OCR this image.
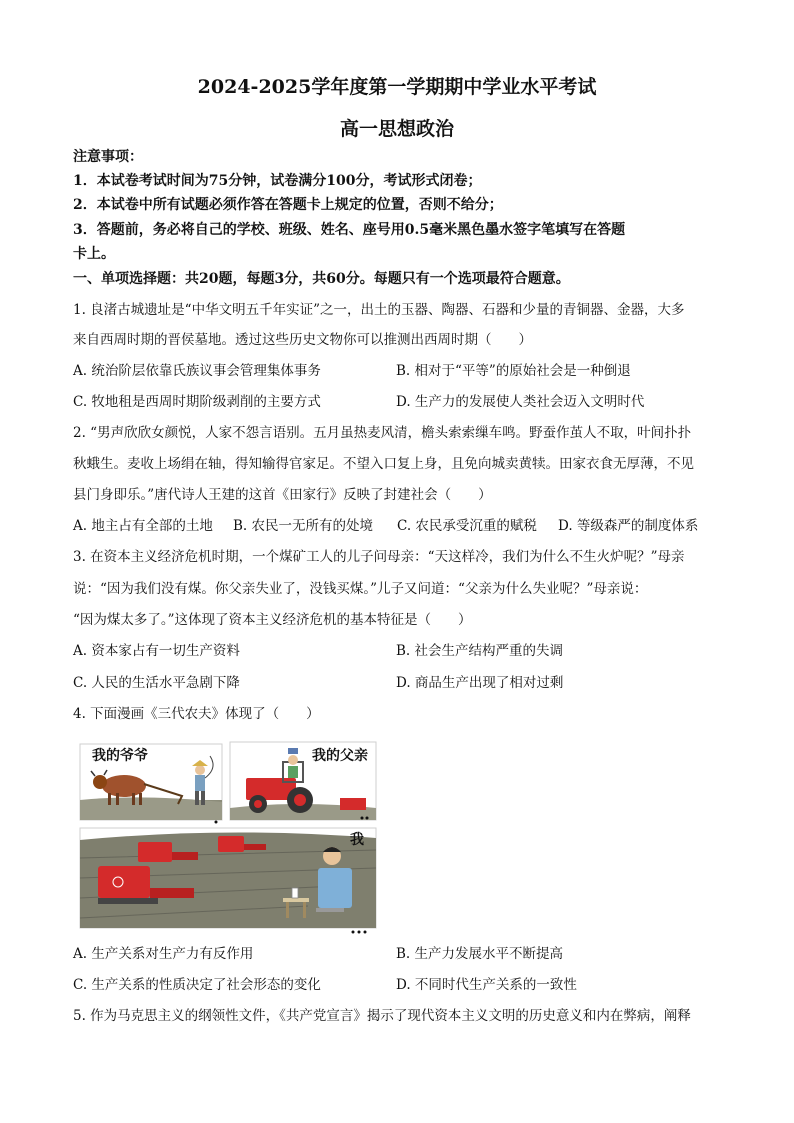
2024-2025学年度第一学期期中学业水平考试
高一思想政治
注意事项：
1．本试卷考试时间为75分钟，试卷满分100分，考试形式闭卷；
2．本试卷中所有试题必须作答在答题卡上规定的位置，否则不给分；
3．答题前，务必将自己的学校、班级、姓名、座号用0.5毫米黑色墨水签字笔填写在答题
卡上。
一、单项选择题：共20题，每题3分，共60分。每题只有一个选项最符合题意。
1. 良渚古城遗址是“中华文明五千年实证”之一，出土的玉器、陶器、石器和少量的青铜器、金器，大多
来自西周时期的晋侯墓地。透过这些历史文物你可以推测出西周时期（　　）
A. 统治阶层依靠氏族议事会管理集体事务	B. 相对于“平等”的原始社会是一种倒退
C. 牧地租是西周时期阶级剥削的主要方式	D. 生产力的发展使人类社会迈入文明时代
2. “男声欣欣女颜悦，人家不怨言语别。五月虽热麦风清，檐头索索缫车鸣。野蚕作茧人不取，叶间扑扑
秋蛾生。麦收上场绢在轴，得知输得官家足。不望入口复上身，且免向城卖黄犊。田家衣食无厚薄，不见
县门身即乐。”唐代诗人王建的这首《田家行》反映了封建社会（　　）
A. 地主占有全部的土地 B. 农民一无所有的处境 C. 农民承受沉重的赋税 D. 等级森严的制度体系
3. 在资本主义经济危机时期，一个煤矿工人的儿子问母亲：“天这样冷，我们为什么不生火炉呢？”母亲
说：“因为我们没有煤。你父亲失业了，没钱买煤。”儿子又问道：“父亲为什么失业呢？”母亲说：
“因为煤太多了。”这体现了资本主义经济危机的基本特征是（　　）
A. 资本家占有一切生产资料	B. 社会生产结构严重的失调
C. 人民的生活水平急剧下降	D. 商品生产出现了相对过剩
4. 下面漫画《三代农夫》体现了（　　）
我的爷爷	我的父亲
我
A. 生产关系对生产力有反作用	B. 生产力发展水平不断提高
C. 生产关系的性质决定了社会形态的变化	D. 不同时代生产关系的一致性
5. 作为马克思主义的纲领性文件，《共产党宣言》揭示了现代资本主义文明的历史意义和内在弊病，阐释
